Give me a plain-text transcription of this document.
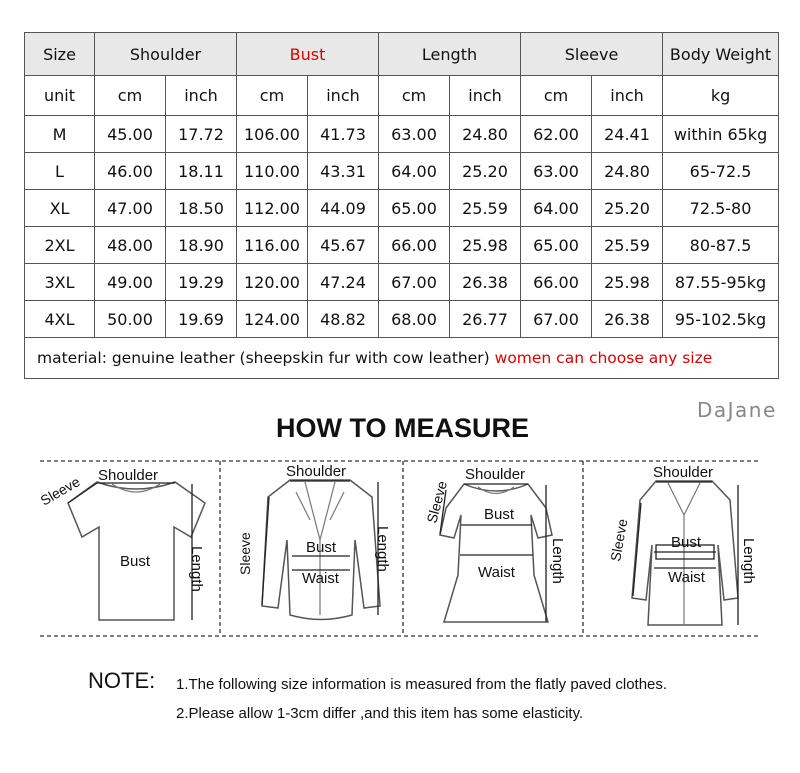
Size	Shoulder		Bust		Length		Sleeve		Body Weight
unit	cm	inch	cm	inch	cm	inch	cm	inch	kg
M	45.00	17.72	106.00	41.73	63.00	24.80	62.00	24.41	within 65kg
L	46.00	18.11	110.00	43.31	64.00	25.20	63.00	24.80	65-72.5
XL	47.00	18.50	112.00	44.09	65.00	25.59	64.00	25.20	72.5-80
2XL	48.00	18.90	116.00	45.67	66.00	25.98	65.00	25.59	80-87.5
3XL	49.00	19.29	120.00	47.24	67.00	26.38	66.00	25.98	87.55-95kg
4XL	50.00	19.69	124.00	48.82	68.00	26.77	67.00	26.38	95-102.5kg
material: genuine leather (sheepskin fur with cow leather) women can choose any size									
DaJane
HOW TO MEASURE
Shoulder
Sleeve
Bust	Length
Shoulder
Sleeve	Bust
Waist
Length
Shoulder
Sleeve Bust
Waist Length
Shoulder
Sleeve	Bust
Waist Length
NOTE: 1.The following size information is measured from the flatly paved clothes.
2.Please allow 1-3cm differ ,and this item has some elasticity.
